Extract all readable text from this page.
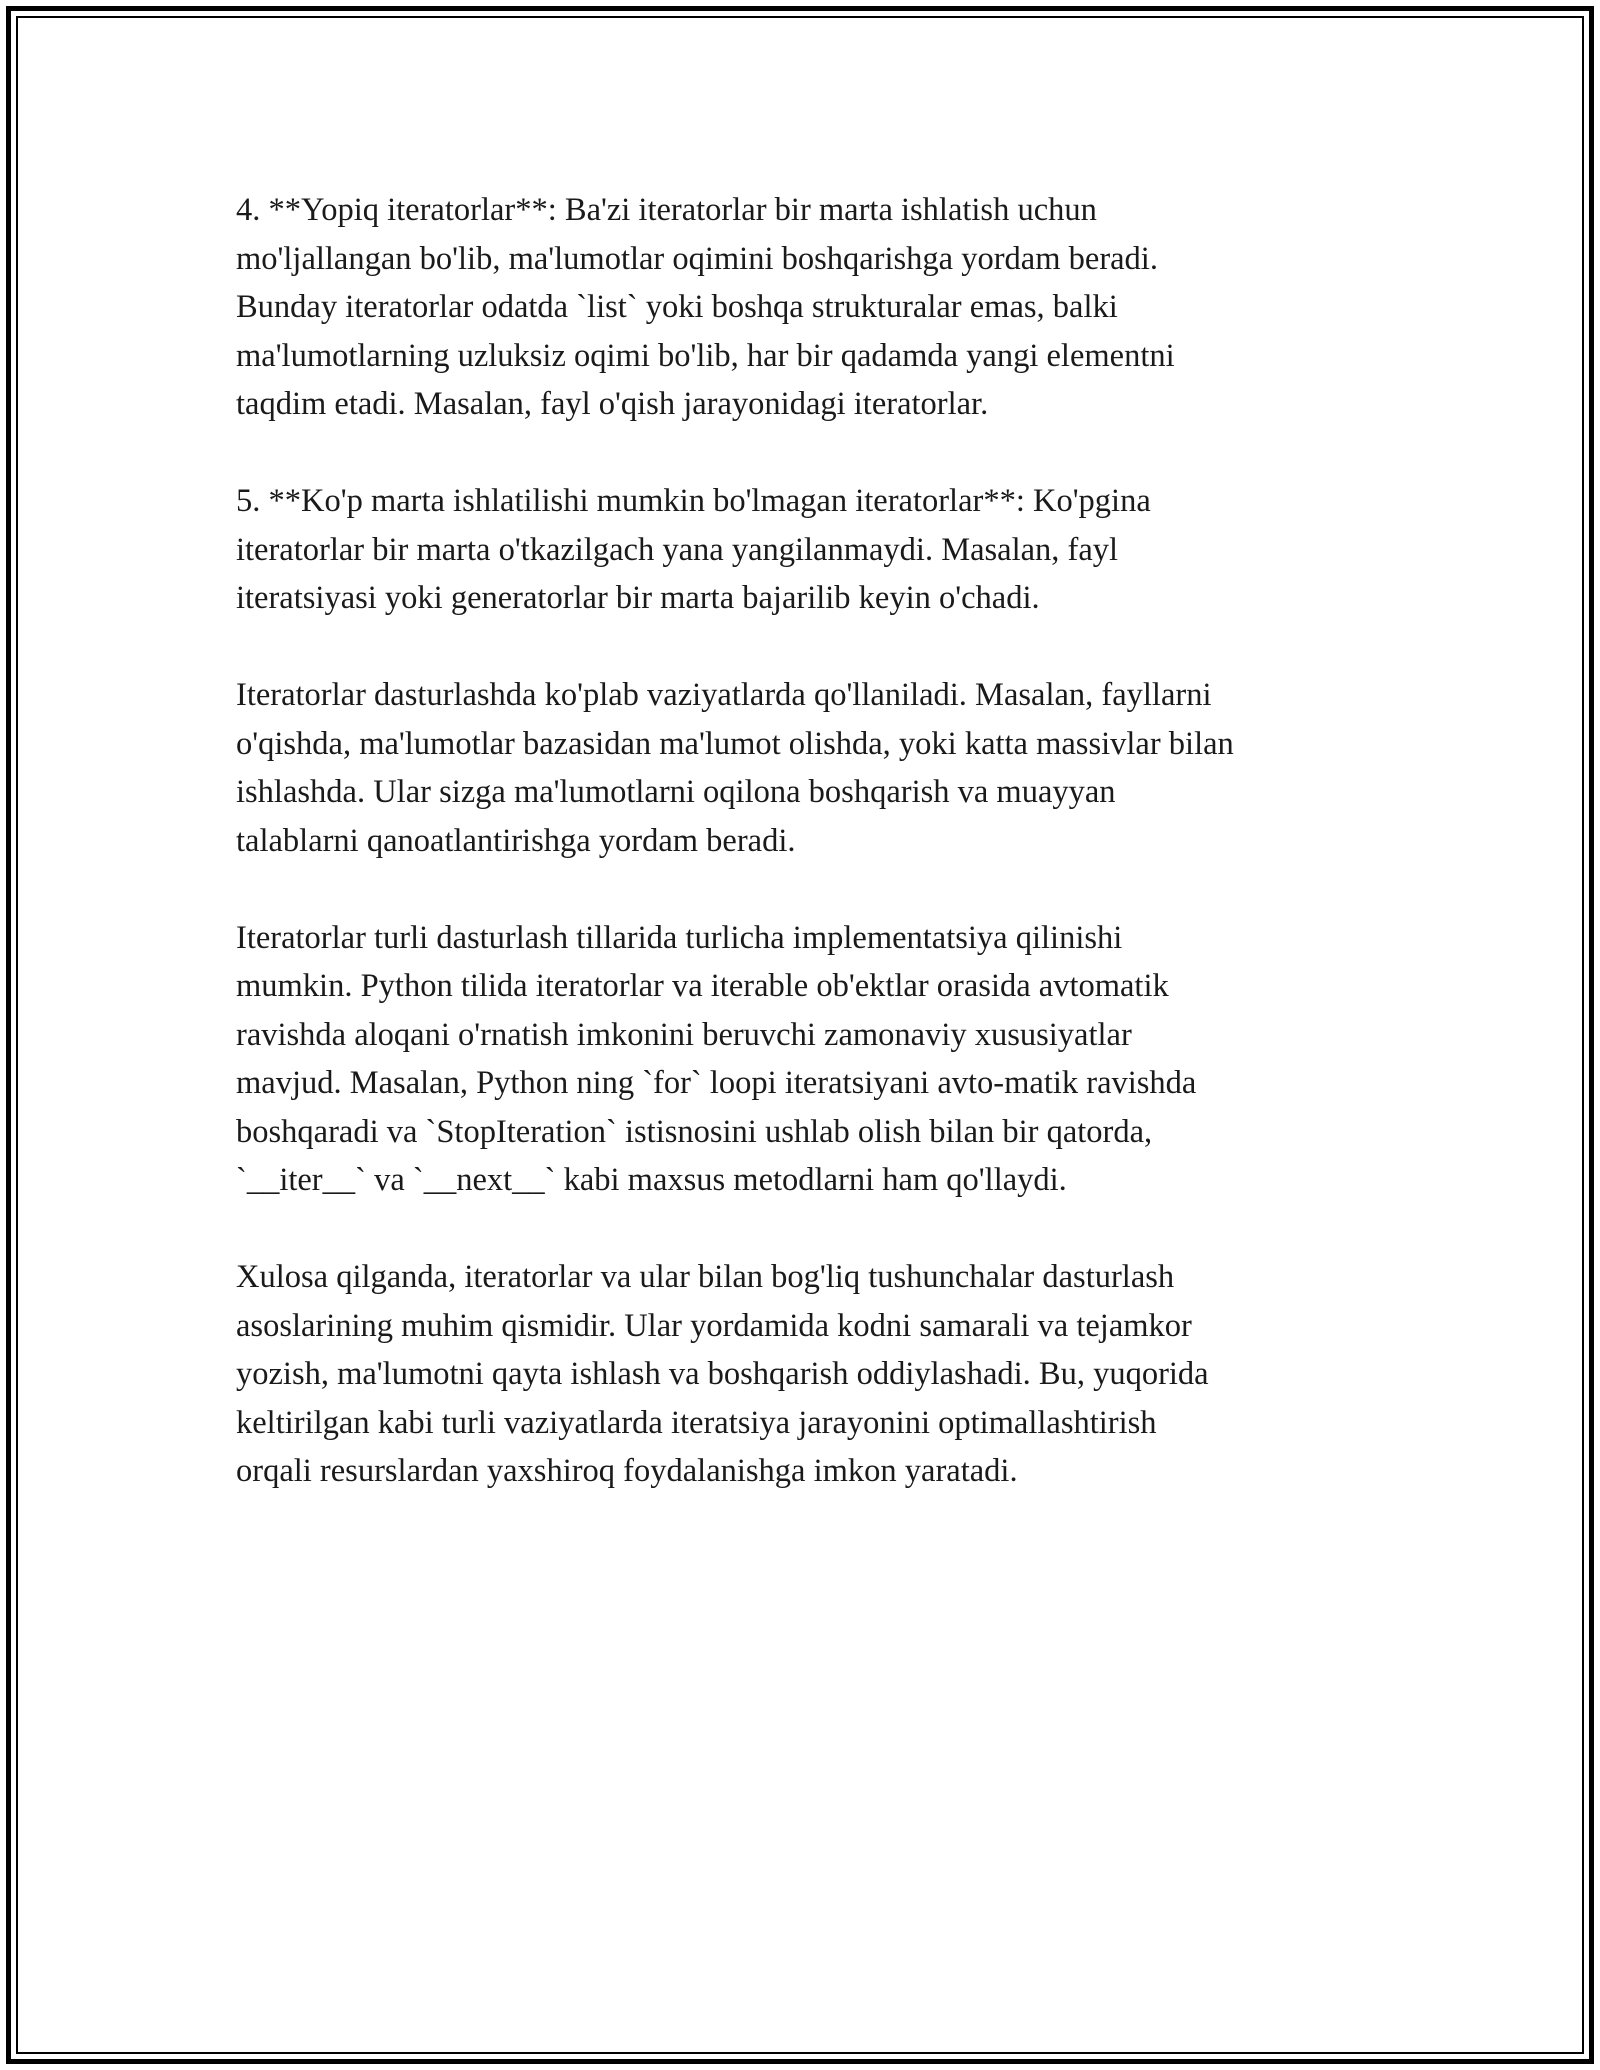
4. **Yopiq iteratorlar**: Ba'zi iteratorlar bir marta ishlatish uchun
mo'ljallangan bo'lib, ma'lumotlar oqimini boshqarishga yordam beradi.
Bunday iteratorlar odatda `list` yoki boshqa strukturalar emas, balki
ma'lumotlarning uzluksiz oqimi bo'lib, har bir qadamda yangi elementni
taqdim etadi. Masalan, fayl o'qish jarayonidagi iteratorlar.

5. **Ko'p marta ishlatilishi mumkin bo'lmagan iteratorlar**: Ko'pgina
iteratorlar bir marta o'tkazilgach yana yangilanmaydi. Masalan, fayl
iteratsiyasi yoki generatorlar bir marta bajarilib keyin o'chadi.

Iteratorlar dasturlashda ko'plab vaziyatlarda qo'llaniladi. Masalan, fayllarni
o'qishda, ma'lumotlar bazasidan ma'lumot olishda, yoki katta massivlar bilan
ishlashda. Ular sizga ma'lumotlarni oqilona boshqarish va muayyan
talablarni qanoatlantirishga yordam beradi.

Iteratorlar turli dasturlash tillarida turlicha implementatsiya qilinishi
mumkin. Python tilida iteratorlar va iterable ob'ektlar orasida avtomatik
ravishda aloqani o'rnatish imkonini beruvchi zamonaviy xususiyatlar
mavjud. Masalan, Python ning `for` loopi iteratsiyani avto-matik ravishda
boshqaradi va `StopIteration` istisnosini ushlab olish bilan bir qatorda,
`__iter__` va `__next__` kabi maxsus metodlarni ham qo'llaydi.

Xulosa qilganda, iteratorlar va ular bilan bog'liq tushunchalar dasturlash
asoslarining muhim qismidir. Ular yordamida kodni samarali va tejamkor
yozish, ma'lumotni qayta ishlash va boshqarish oddiylashadi. Bu, yuqorida
keltirilgan kabi turli vaziyatlarda iteratsiya jarayonini optimallashtirish
orqali resurslardan yaxshiroq foydalanishga imkon yaratadi.
